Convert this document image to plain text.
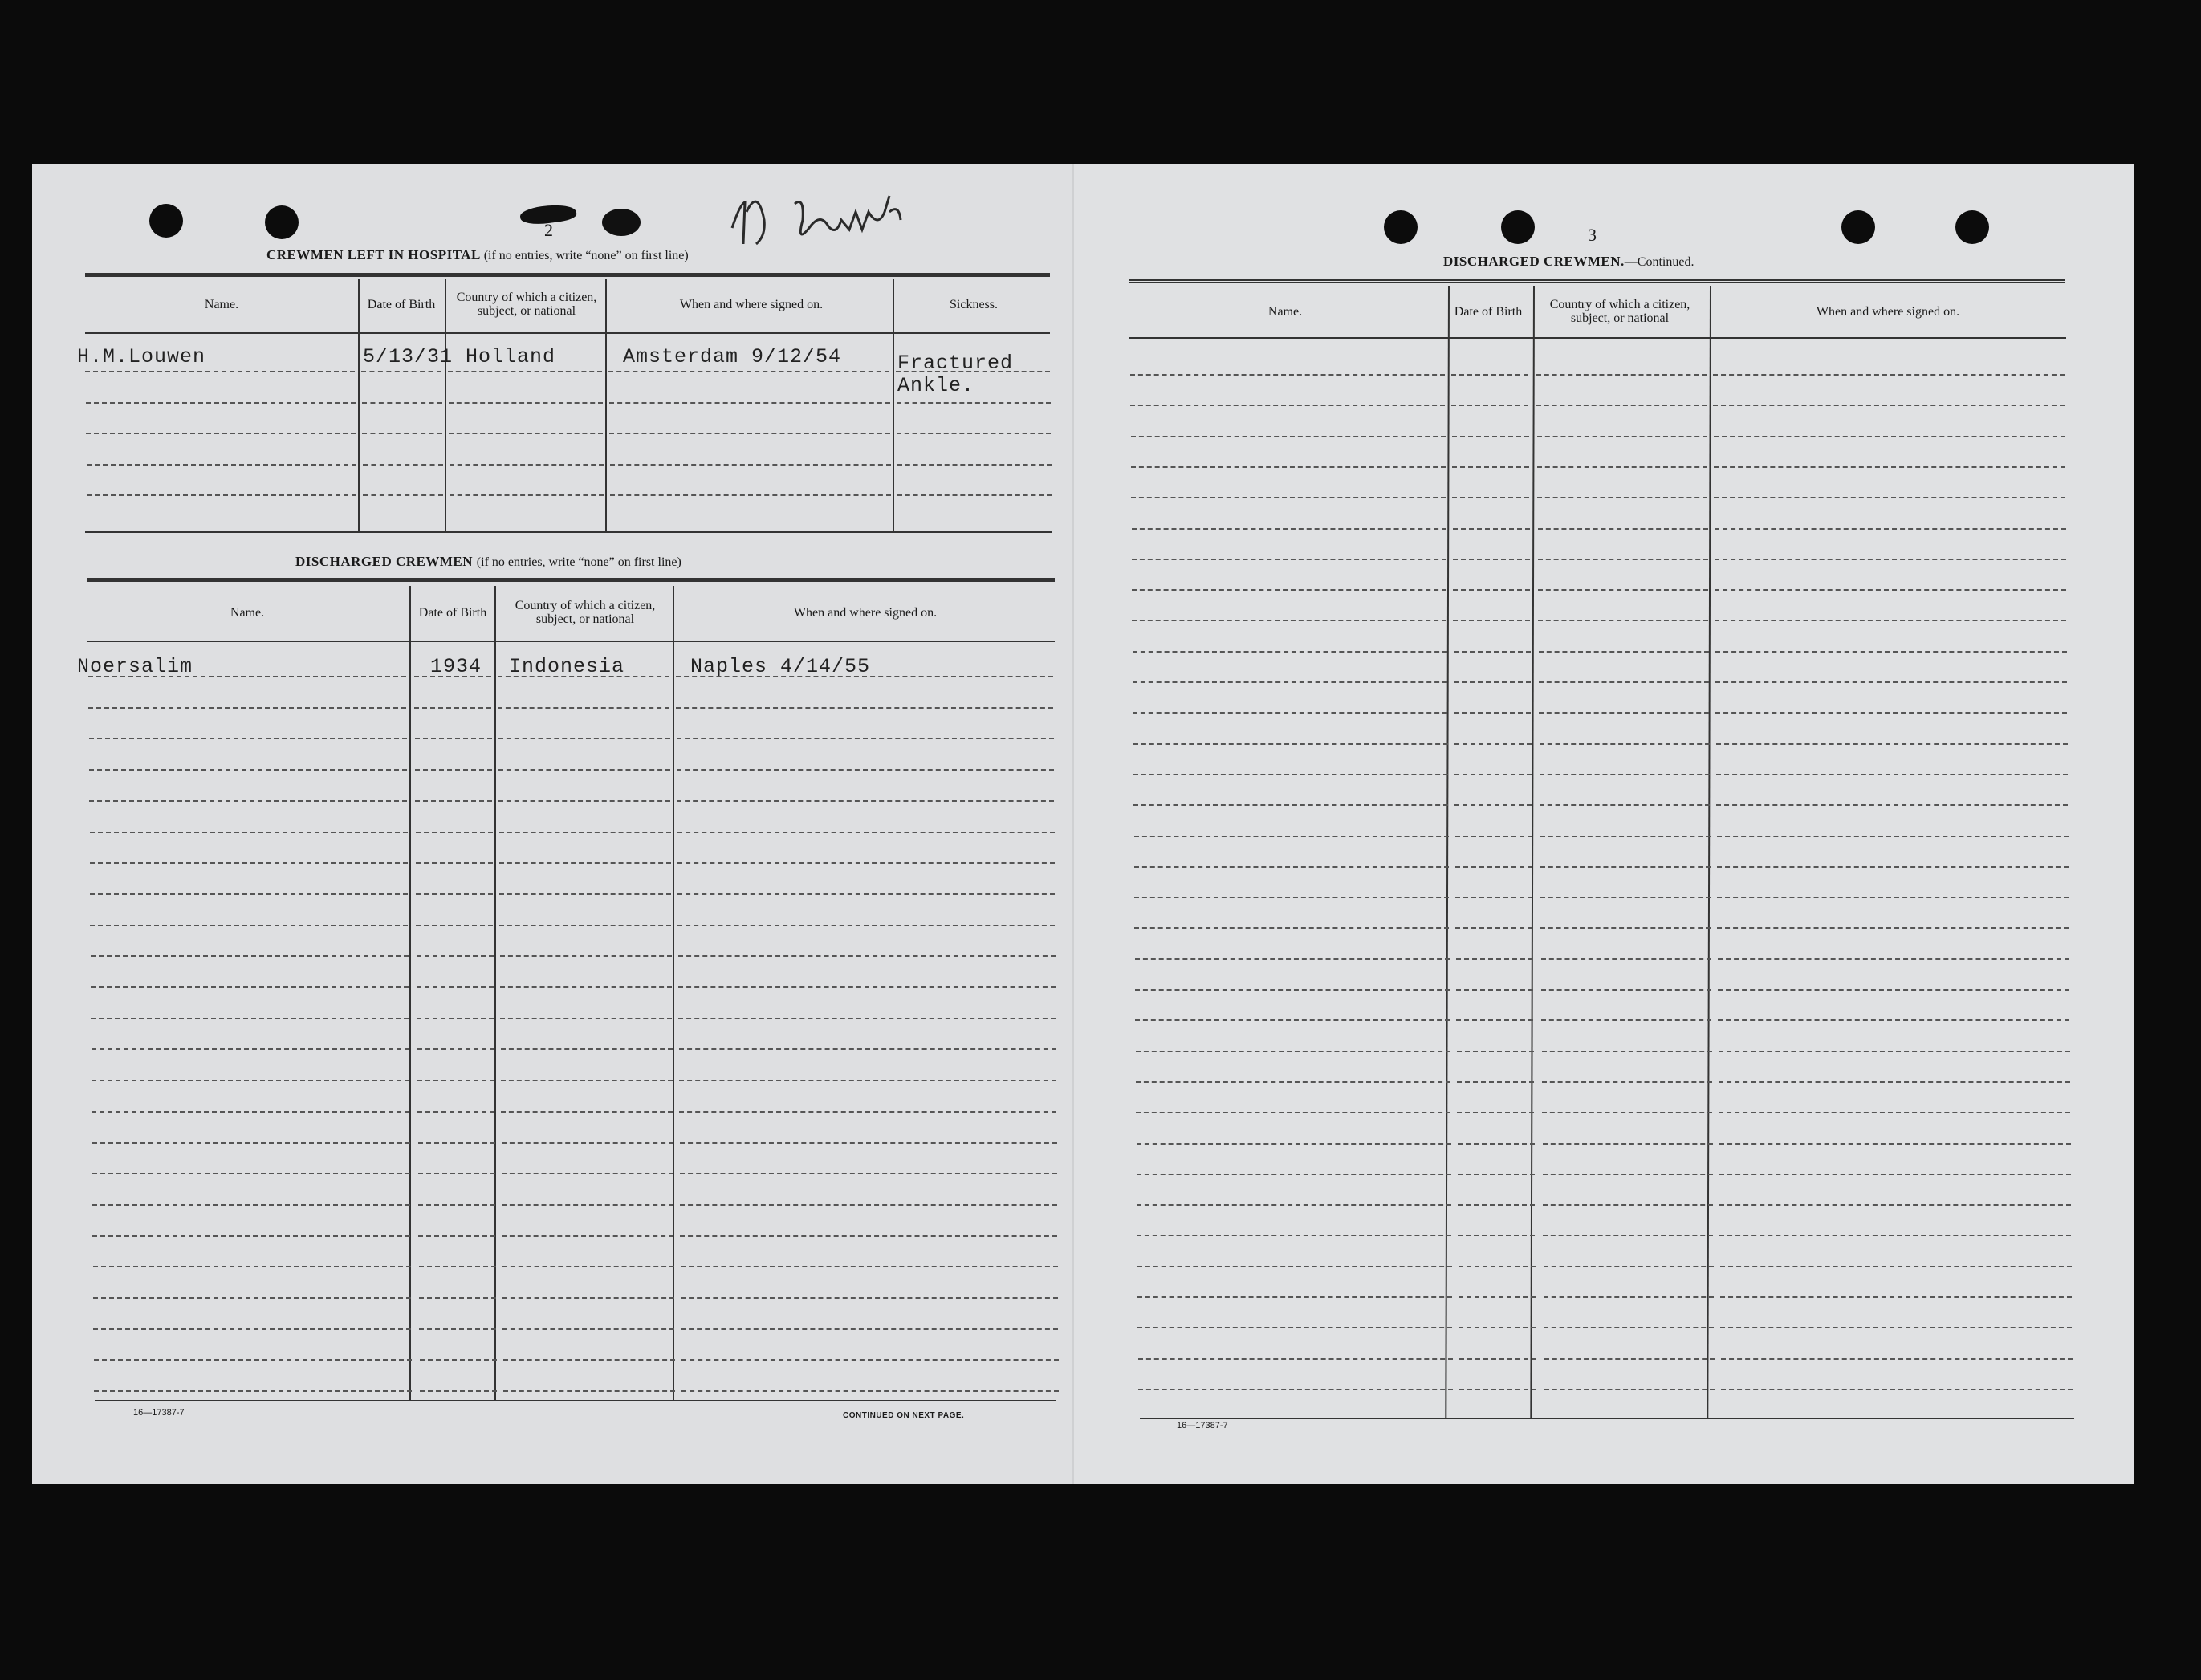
2
CREWMEN LEFT IN HOSPITAL (if no entries, write “none” on first line)
Name.	Date of Birth	Country of which a citizen, subject, or national	When and where signed on.	Sickness.
H.M.Louwen	5/13/31 Holland	Amsterdam 9/12/54	Fractured
Ankle.
DISCHARGED CREWMEN (if no entries, write “none” on first line)
Name.	Date of Birth	Country of which a citizen, subject, or national	When and where signed on.
Noersalim	1934 Indonesia	Naples 4/14/55
16—17387-7	CONTINUED ON NEXT PAGE.
3
DISCHARGED CREWMEN.—Continued.
Name.	Date of Birth	Country of which a citizen, subject, or national	When and where signed on.
16—17387-7
